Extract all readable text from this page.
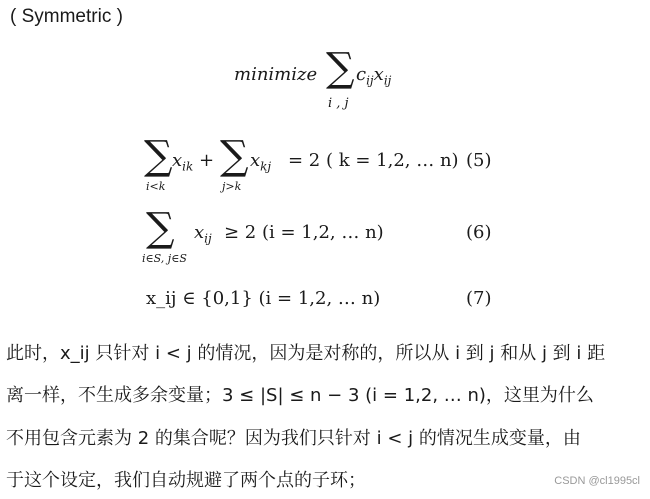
( Symmetric )
minimize ∑
i , j
$c_{ij}x_{ij}$
∑
i<k
$x_{ik}$ + ∑
j>k
$x_{kj} = 2$ ( k = 1,2, … n) (5)
∑
i∈S, j∈S
$x_{ij} \ge 2$ (i = 1,2, … n)	(6)
x_ij ∈ {0,1} (i = 1,2, … n)	(7)
此时，x_ij 只针对 i < j 的情况，因为是对称的，所以从 i 到 j 和从 j 到 i 距
离一样，不生成多余变量；3 ≤ |S| ≤ n − 3 (i = 1,2, … n)，这里为什么
不用包含元素为 2 的集合呢？因为我们只针对 i < j 的情况生成变量，由
于这个设定，我们自动规避了两个点的子环；	CSDN @cl1995cl
